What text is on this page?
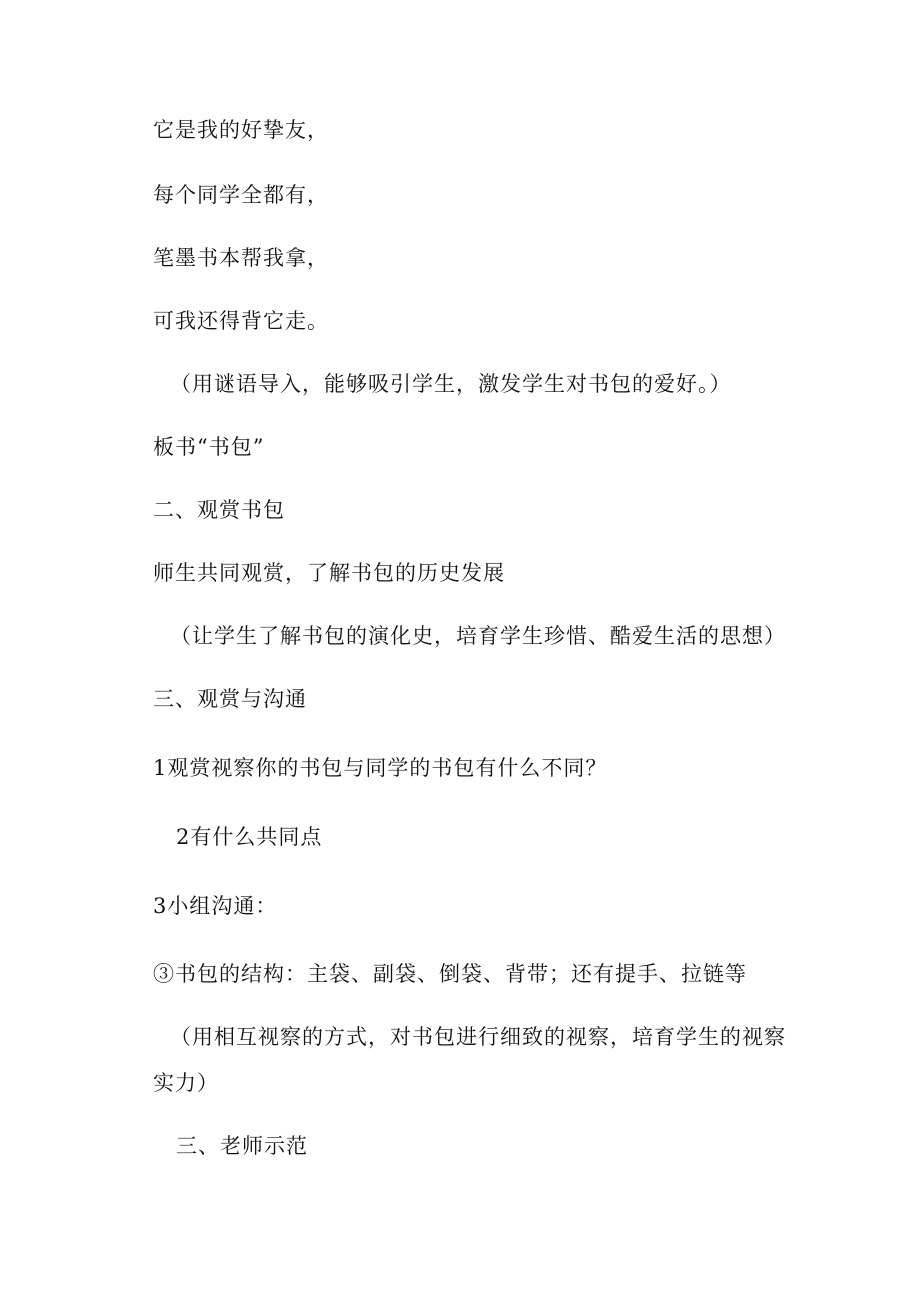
它是我的好挚友，
每个同学全都有，
笔墨书本帮我拿，
可我还得背它走。
（用谜语导入，能够吸引学生，激发学生对书包的爱好。）
板书“书包”
二、观赏书包
师生共同观赏，了解书包的历史发展
（让学生了解书包的演化史，培育学生珍惜、酷爱生活的思想）
三、观赏与沟通
1观赏视察你的书包与同学的书包有什么不同？
2有什么共同点
3小组沟通：
③书包的结构：主袋、副袋、倒袋、背带；还有提手、拉链等
（用相互视察的方式，对书包进行细致的视察，培育学生的视察
实力）
三、老师示范
